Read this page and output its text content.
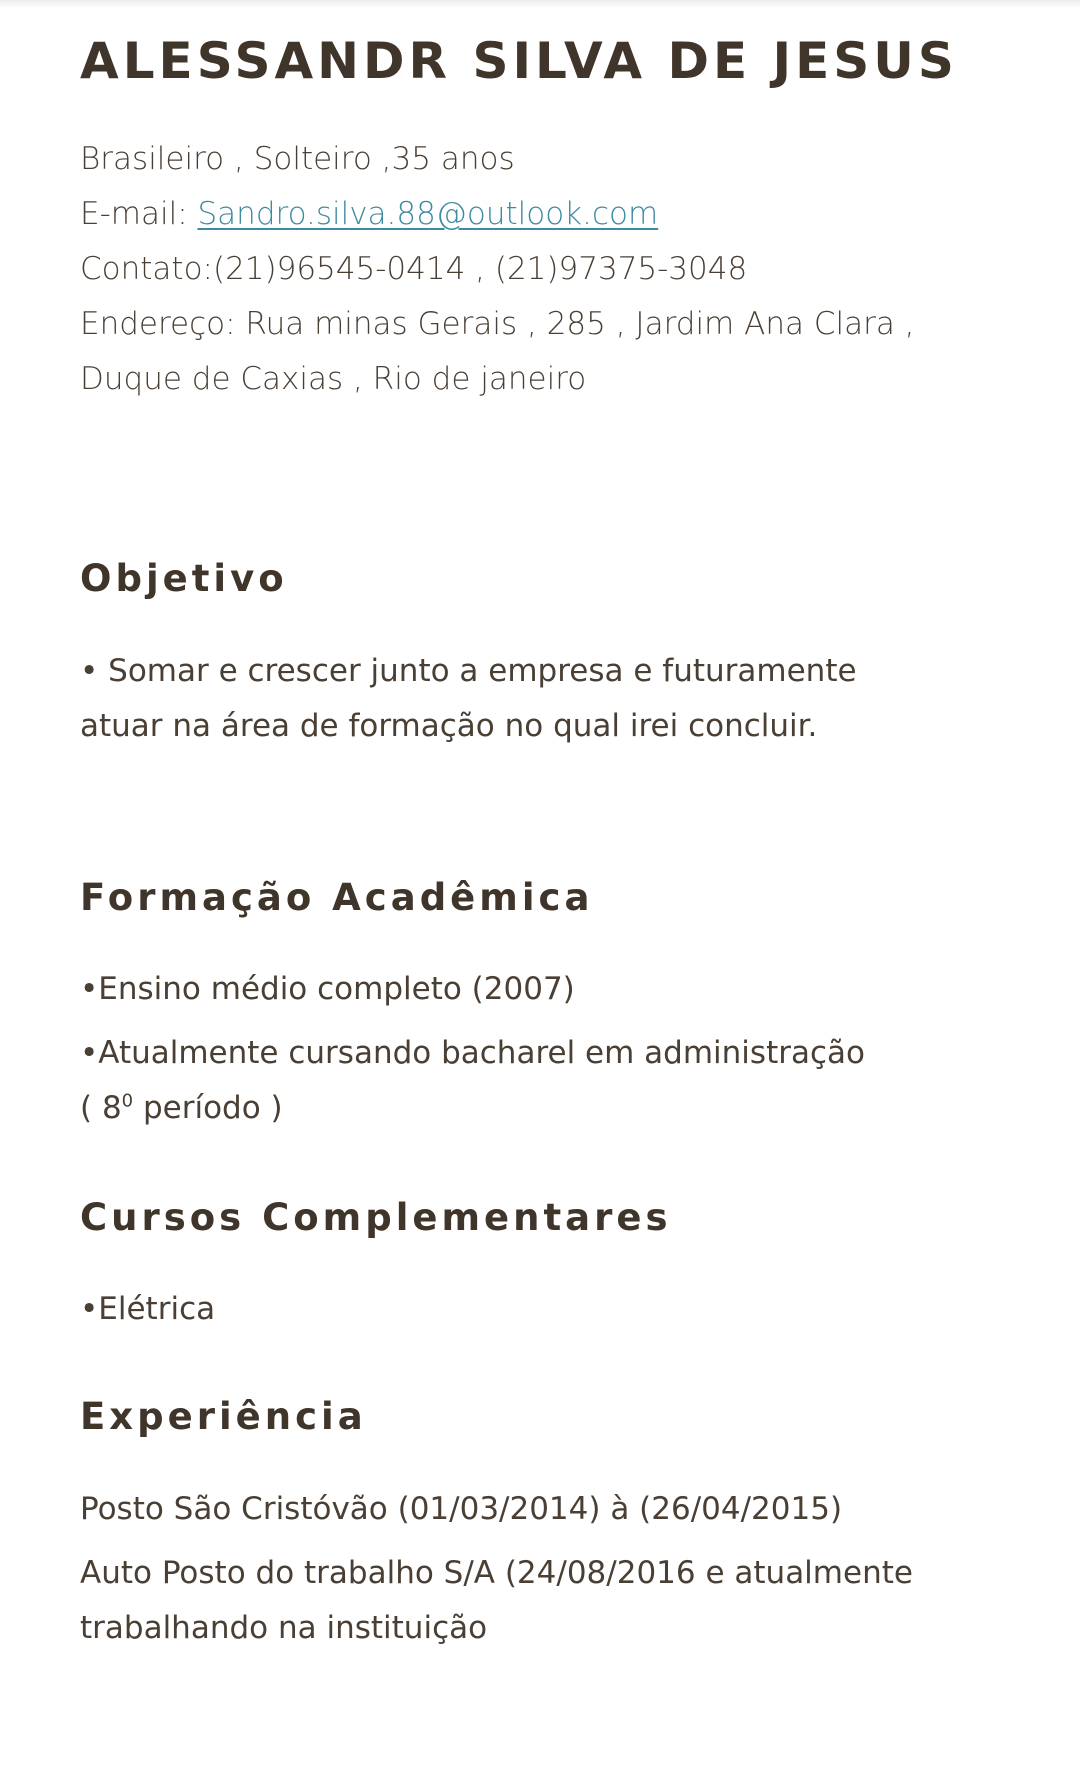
ALESSANDR SILVA DE JESUS
Brasileiro , Solteiro ,35 anos
E-mail: Sandro.silva.88@outlook.com
Contato:(21)96545-0414 , (21)97375-3048
Endereço: Rua minas Gerais , 285 , Jardim Ana Clara ,
Duque de Caxias , Rio de janeiro
Objetivo
• Somar e crescer junto a empresa e futuramente
atuar na área de formação no qual irei concluir.
Formação Acadêmica
•Ensino médio completo (2007)
•Atualmente cursando bacharel em administração
( $8^0$ período )
Cursos Complementares
•Elétrica
Experiência
Posto São Cristóvão (01/03/2014) à (26/04/2015)
Auto Posto do trabalho S/A (24/08/2016 e atualmente
trabalhando na instituição
